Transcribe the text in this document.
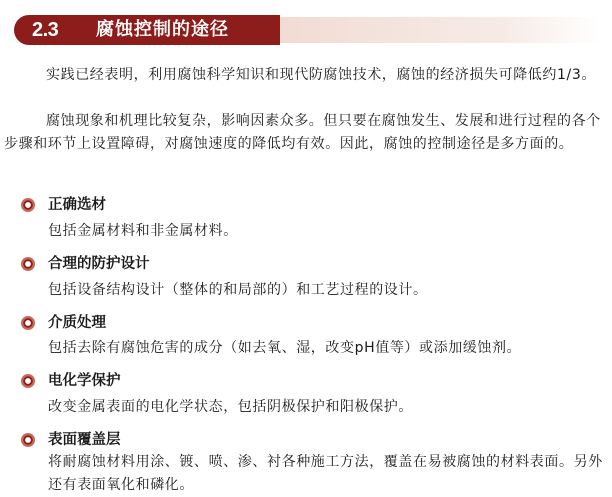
2.3 腐蚀控制的途径

实践已经表明，利用腐蚀科学知识和现代防腐蚀技术，腐蚀的经济损失可降低约1/3。

腐蚀现象和机理比较复杂，影响因素众多。但只要在腐蚀发生、发展和进行过程的各个步骤和环节上设置障碍，对腐蚀速度的降低均有效。因此，腐蚀的控制途径是多方面的。

正确选材

包括金属材料和非金属材料。

合理的防护设计

包括设备结构设计（整体的和局部的）和工艺过程的设计。

介质处理

包括去除有腐蚀危害的成分（如去氧、湿，改变pH值等）或添加缓蚀剂。

电化学保护

改变金属表面的电化学状态，包括阴极保护和阳极保护。

表面覆盖层

将耐腐蚀材料用涂、镀、喷、渗、衬各种施工方法，覆盖在易被腐蚀的材料表面。另外还有表面氧化和磷化。
